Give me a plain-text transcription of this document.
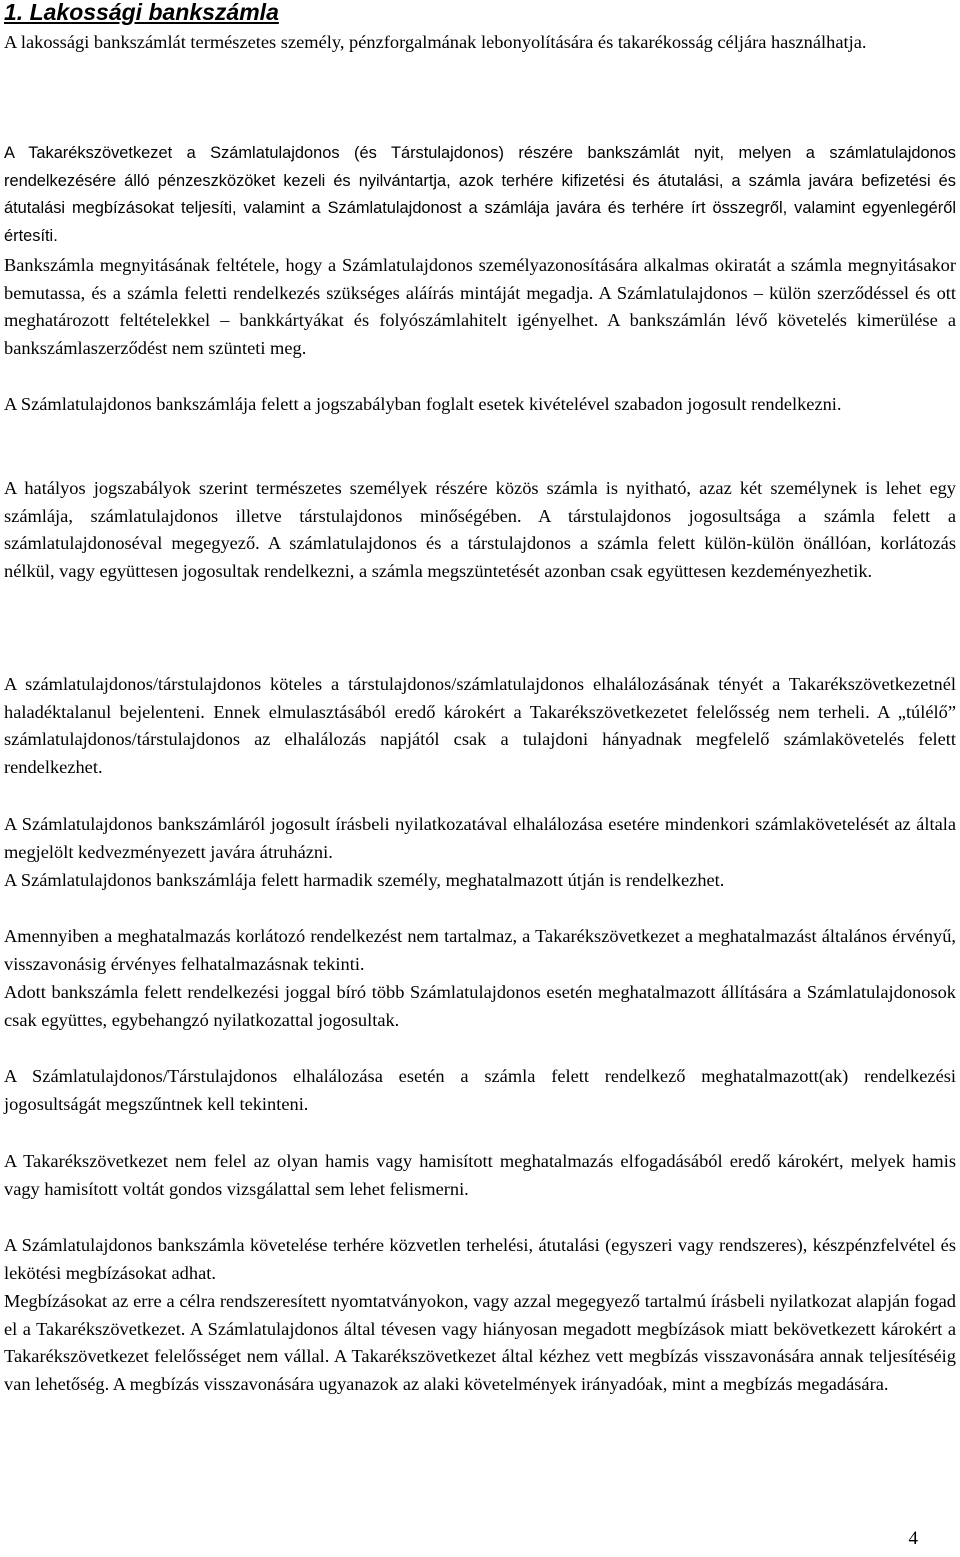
1. Lakossági bankszámla

A lakossági bankszámlát természetes személy, pénzforgalmának lebonyolítására és takarékosság céljára használhatja.

A Takarékszövetkezet a Számlatulajdonos (és Társtulajdonos) részére bankszámlát nyit, melyen a számlatulajdonos rendelkezésére álló pénzeszközöket kezeli és nyilvántartja, azok terhére kifizetési és átutalási, a számla javára befizetési és átutalási megbízásokat teljesíti, valamint a Számlatulajdonost a számlája javára és terhére írt összegről, valamint egyenlegéről értesíti.

Bankszámla megnyitásának feltétele, hogy a Számlatulajdonos személyazonosítására alkalmas okiratát a számla megnyitásakor bemutassa, és a számla feletti rendelkezés szükséges aláírás mintáját megadja. A Számlatulajdonos – külön szerződéssel és ott meghatározott feltételekkel – bankkártyákat és folyószámlahitelt igényelhet. A bankszámlán lévő követelés kimerülése a bankszámlaszerződést nem szünteti meg.

A Számlatulajdonos bankszámlája felett a jogszabályban foglalt esetek kivételével szabadon jogosult rendelkezni.

A hatályos jogszabályok szerint természetes személyek részére közös számla is nyitható, azaz két személynek is lehet egy számlája, számlatulajdonos illetve társtulajdonos minőségében. A társtulajdonos jogosultsága a számla felett a számlatulajdonoséval megegyező. A számlatulajdonos és a társtulajdonos a számla felett külön-külön önállóan, korlátozás nélkül, vagy együttesen jogosultak rendelkezni, a számla megszüntetését azonban csak együttesen kezdeményezhetik.

A számlatulajdonos/társtulajdonos köteles a társtulajdonos/számlatulajdonos elhalálozásának tényét a Takarékszövetkezetnél haladéktalanul bejelenteni. Ennek elmulasztásából eredő károkért a Takarékszövetkezetet felelősség nem terheli. A „túlélő” számlatulajdonos/társtulajdonos az elhalálozás napjától csak a tulajdoni hányadnak megfelelő számlakövetelés felett rendelkezhet.

A Számlatulajdonos bankszámláról jogosult írásbeli nyilatkozatával elhalálozása esetére mindenkori számlakövetelését az általa megjelölt kedvezményezett javára átruházni.

A Számlatulajdonos bankszámlája felett harmadik személy, meghatalmazott útján is rendelkezhet.

Amennyiben a meghatalmazás korlátozó rendelkezést nem tartalmaz, a Takarékszövetkezet a meghatalmazást általános érvényű, visszavonásig érvényes felhatalmazásnak tekinti.

Adott bankszámla felett rendelkezési joggal bíró több Számlatulajdonos esetén meghatalmazott állítására a Számlatulajdonosok csak együttes, egybehangzó nyilatkozattal jogosultak.

A Számlatulajdonos/Társtulajdonos elhalálozása esetén a számla felett rendelkező meghatalmazott(ak) rendelkezési jogosultságát megszűntnek kell tekinteni.

A Takarékszövetkezet nem felel az olyan hamis vagy hamisított meghatalmazás elfogadásából eredő károkért, melyek hamis vagy hamisított voltát gondos vizsgálattal sem lehet felismerni.

A Számlatulajdonos bankszámla követelése terhére közvetlen terhelési, átutalási (egyszeri vagy rendszeres), készpénzfelvétel és lekötési megbízásokat adhat.

Megbízásokat az erre a célra rendszeresített nyomtatványokon, vagy azzal megegyező tartalmú írásbeli nyilatkozat alapján fogad el a Takarékszövetkezet. A Számlatulajdonos által tévesen vagy hiányosan megadott megbízások miatt bekövetkezett károkért a Takarékszövetkezet felelősséget nem vállal. A Takarékszövetkezet által kézhez vett megbízás visszavonására annak teljesítéséig van lehetőség. A megbízás visszavonására ugyanazok az alaki követelmények irányadóak, mint a megbízás megadására.

4
